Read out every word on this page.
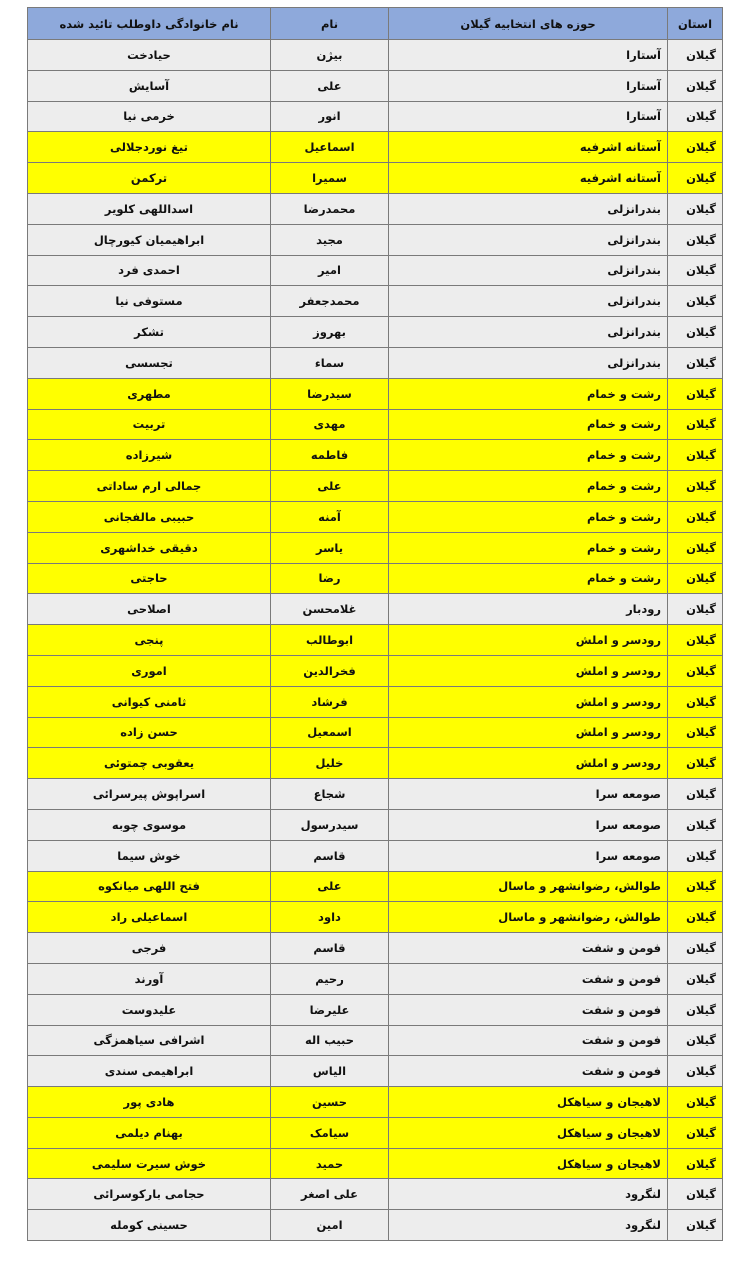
استان	حوزه های انتخابیه گیلان	نام	نام خانوادگی داوطلب تائید شده
گیلان	آستارا	بیژن	حیادخت
گیلان	آستارا	علی	آسایش
گیلان	آستارا	انور	خرمی نیا
گیلان	آستانه اشرفیه	اسماعیل	تیغ نوردجلالی
گیلان	آستانه اشرفیه	سمیرا	ترکمن
گیلان	بندرانزلی	محمدرضا	اسداللهی کلویر
گیلان	بندرانزلی	مجید	ابراهیمیان کیورچال
گیلان	بندرانزلی	امیر	احمدی فرد
گیلان	بندرانزلی	محمدجعفر	مستوفی نیا
گیلان	بندرانزلی	بهروز	تشکر
گیلان	بندرانزلی	سماء	تجسسی
گیلان	رشت و خمام	سیدرضا	مطهری
گیلان	رشت و خمام	مهدی	تربیت
گیلان	رشت و خمام	فاطمه	شیرزاده
گیلان	رشت و خمام	علی	جمالی ارم ساداتی
گیلان	رشت و خمام	آمنه	حبیبی مالفجانی
گیلان	رشت و خمام	یاسر	دقیقی خداشهری
گیلان	رشت و خمام	رضا	حاجتی
گیلان	رودبار	غلامحسن	اصلاحی
گیلان	رودسر و املش	ابوطالب	پنجی
گیلان	رودسر و املش	فخرالدین	اموری
گیلان	رودسر و املش	فرشاد	ثامنی کیوانی
گیلان	رودسر و املش	اسمعیل	حسن زاده
گیلان	رودسر و املش	خلیل	یعقوبی چمتوئی
گیلان	صومعه سرا	شجاع	اسراپوش پیرسرائی
گیلان	صومعه سرا	سیدرسول	موسوی چوبه
گیلان	صومعه سرا	قاسم	خوش سیما
گیلان	طوالش، رضوانشهر و ماسال	علی	فتح اللهی میانکوه
گیلان	طوالش، رضوانشهر و ماسال	داود	اسماعیلی راد
گیلان	فومن و شفت	قاسم	فرجی
گیلان	فومن و شفت	رحیم	آورند
گیلان	فومن و شفت	علیرضا	علیدوست
گیلان	فومن و شفت	حبیب اله	اشرافی سیاهمزگی
گیلان	فومن و شفت	الیاس	ابراهیمی سندی
گیلان	لاهیجان و سیاهکل	حسین	هادی پور
گیلان	لاهیجان و سیاهکل	سیامک	بهنام دیلمی
گیلان	لاهیجان و سیاهکل	حمید	خوش سیرت سلیمی
گیلان	لنگرود	علی اصغر	حجامی بارکوسرائی
گیلان	لنگرود	امین	حسینی کومله
